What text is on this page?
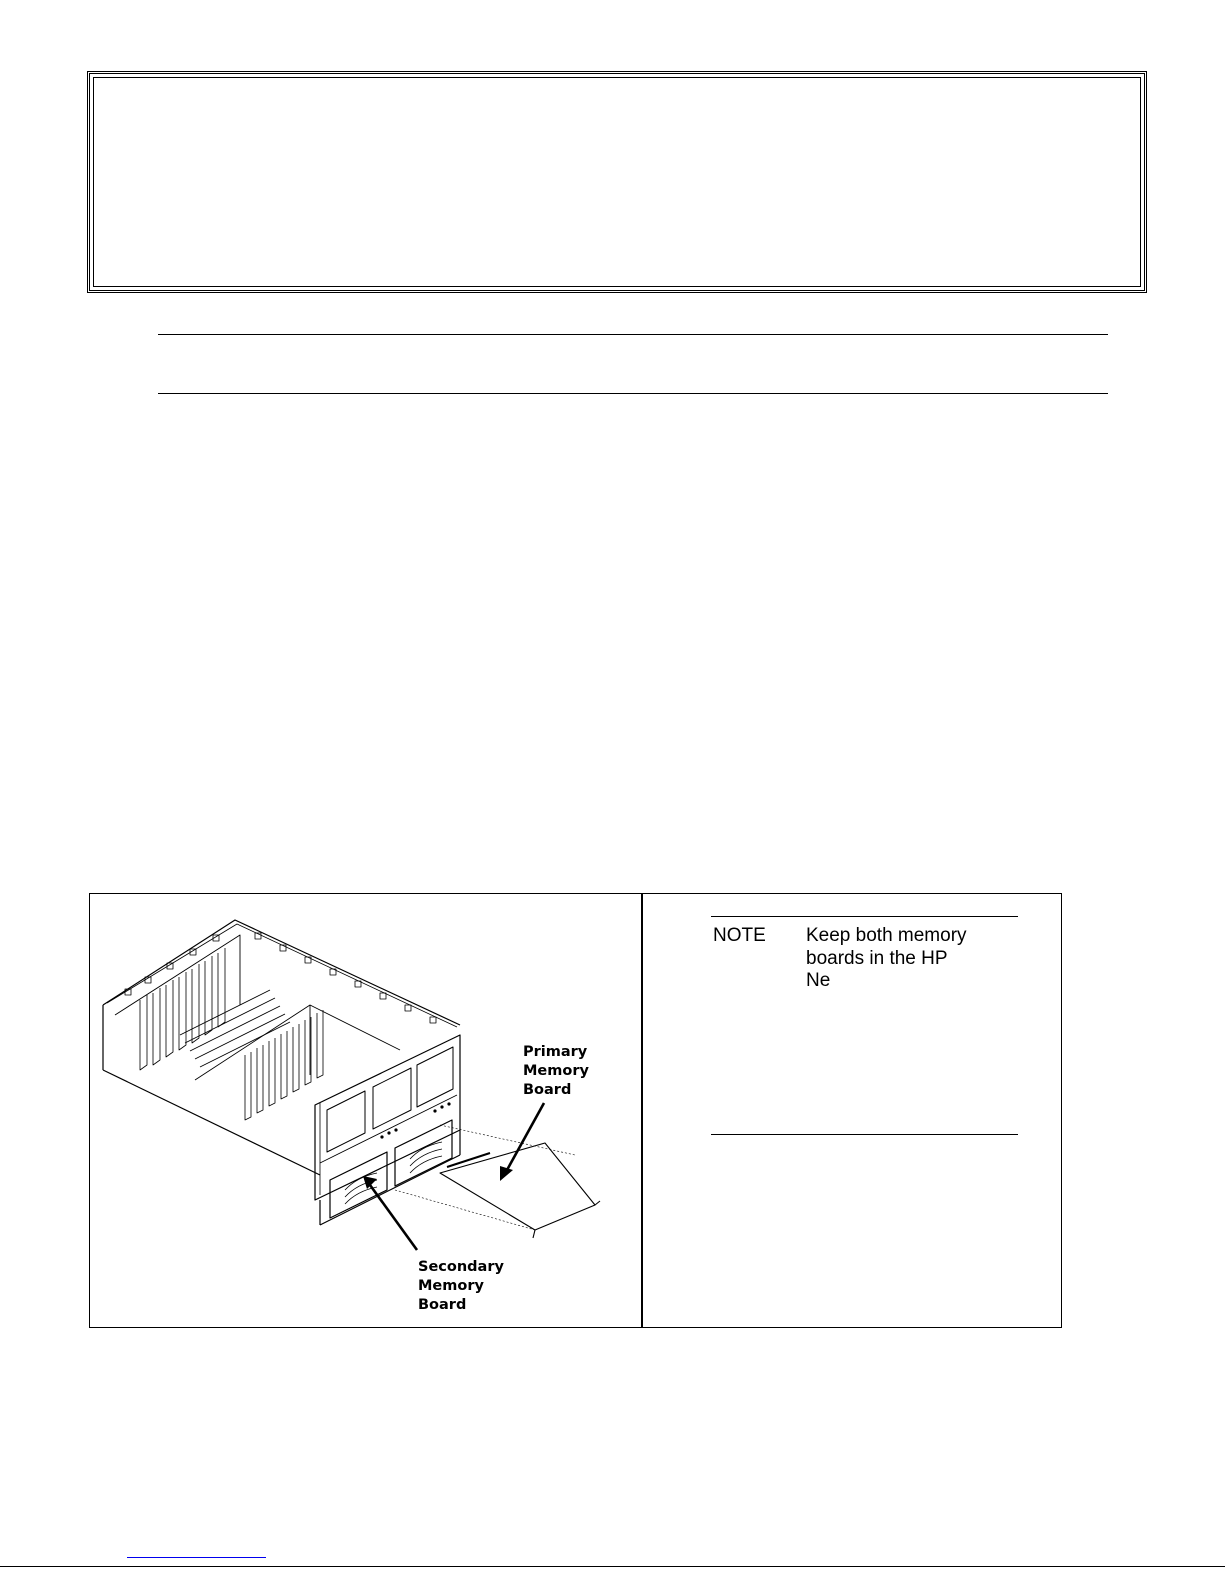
Primary
Memory
Board
Secondary
Memory
Board
NOTE Keep both memory
boards in the HP
Ne
